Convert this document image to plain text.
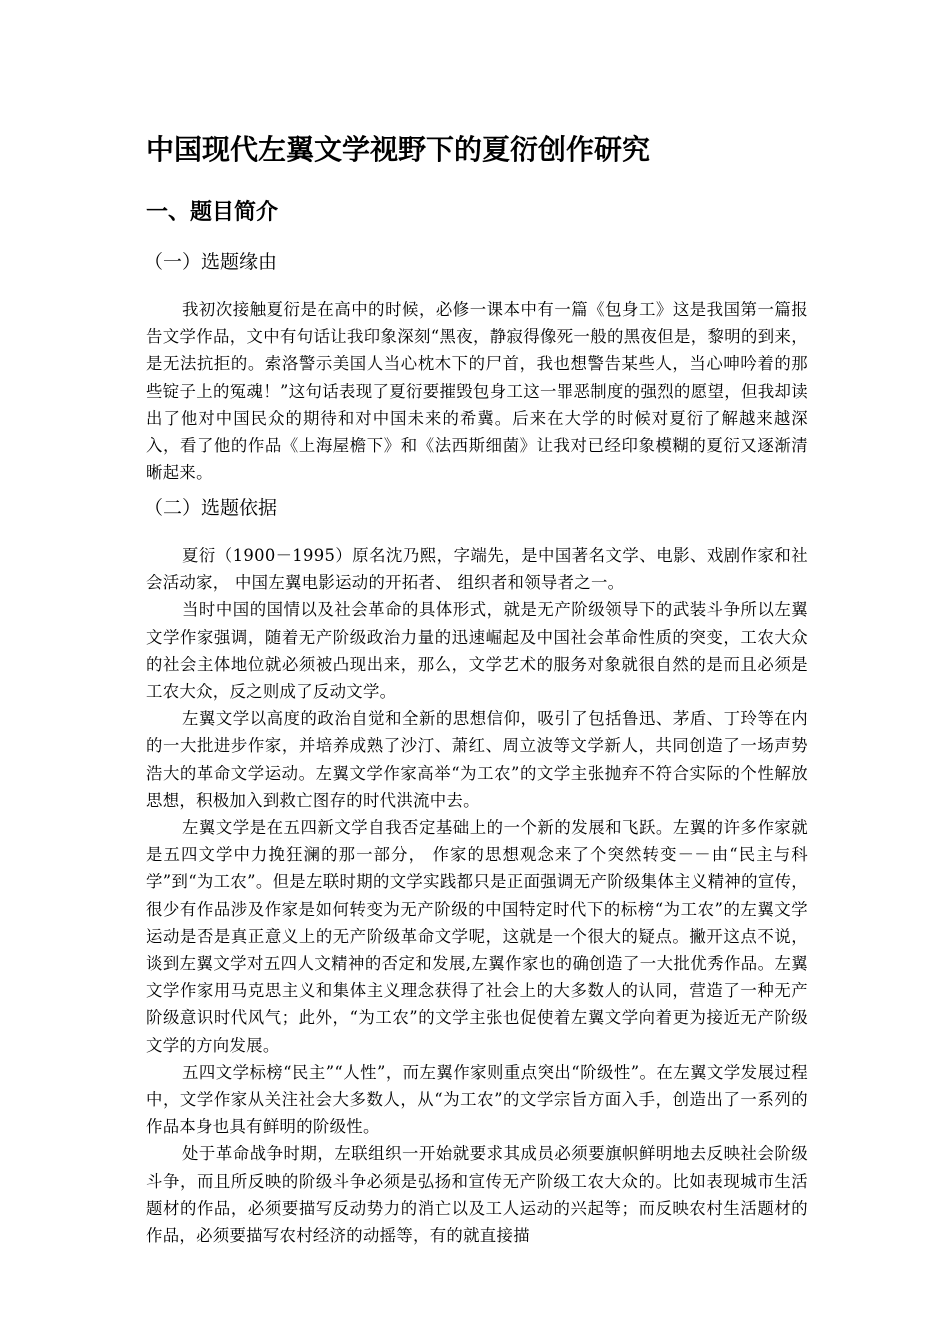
中国现代左翼文学视野下的夏衍创作研究
一、题目简介
（一）选题缘由

我初次接触夏衍是在高中的时候，必修一课本中有一篇《包身工》这是我国第一篇报告文学作品，文中有句话让我印象深刻“黑夜，静寂得像死一般的黑夜但是，黎明的到来，是无法抗拒的。索洛警示美国人当心枕木下的尸首，我也想警告某些人，当心呻吟着的那些锭子上的冤魂！”这句话表现了夏衍要摧毁包身工这一罪恶制度的强烈的愿望，但我却读出了他对中国民众的期待和对中国未来的希冀。后来在大学的时候对夏衍了解越来越深入，看了他的作品《上海屋檐下》和《法西斯细菌》让我对已经印象模糊的夏衍又逐渐清晰起来。

（二）选题依据

夏衍（1900－1995）原名沈乃熙，字端先，是中国著名文学、电影、戏剧作家和社会活动家， 中国左翼电影运动的开拓者、 组织者和领导者之一。

当时中国的国情以及社会革命的具体形式，就是无产阶级领导下的武装斗争所以左翼文学作家强调，随着无产阶级政治力量的迅速崛起及中国社会革命性质的突变，工农大众的社会主体地位就必须被凸现出来，那么，文学艺术的服务对象就很自然的是而且必须是工农大众，反之则成了反动文学。

左翼文学以高度的政治自觉和全新的思想信仰，吸引了包括鲁迅、茅盾、丁玲等在内的一大批进步作家，并培养成熟了沙汀、萧红、周立波等文学新人，共同创造了一场声势浩大的革命文学运动。左翼文学作家高举“为工农”的文学主张抛弃不符合实际的个性解放思想，积极加入到救亡图存的时代洪流中去。

左翼文学是在五四新文学自我否定基础上的一个新的发展和飞跃。左翼的许多作家就是五四文学中力挽狂澜的那一部分， 作家的思想观念来了个突然转变－－由“民主与科学”到“为工农”。但是左联时期的文学实践都只是正面强调无产阶级集体主义精神的宣传，很少有作品涉及作家是如何转变为无产阶级的中国特定时代下的标榜“为工农”的左翼文学运动是否是真正意义上的无产阶级革命文学呢，这就是一个很大的疑点。撇开这点不说，谈到左翼文学对五四人文精神的否定和发展,左翼作家也的确创造了一大批优秀作品。左翼文学作家用马克思主义和集体主义理念获得了社会上的大多数人的认同，营造了一种无产阶级意识时代风气；此外，“为工农”的文学主张也促使着左翼文学向着更为接近无产阶级文学的方向发展。

五四文学标榜“民主”“人性”，而左翼作家则重点突出“阶级性”。在左翼文学发展过程中，文学作家从关注社会大多数人，从“为工农”的文学宗旨方面入手，创造出了一系列的作品本身也具有鲜明的阶级性。

处于革命战争时期，左联组织一开始就要求其成员必须要旗帜鲜明地去反映社会阶级斗争，而且所反映的阶级斗争必须是弘扬和宣传无产阶级工农大众的。比如表现城市生活题材的作品，必须要描写反动势力的消亡以及工人运动的兴起等；而反映农村生活题材的作品，必须要描写农村经济的动摇等，有的就直接描
